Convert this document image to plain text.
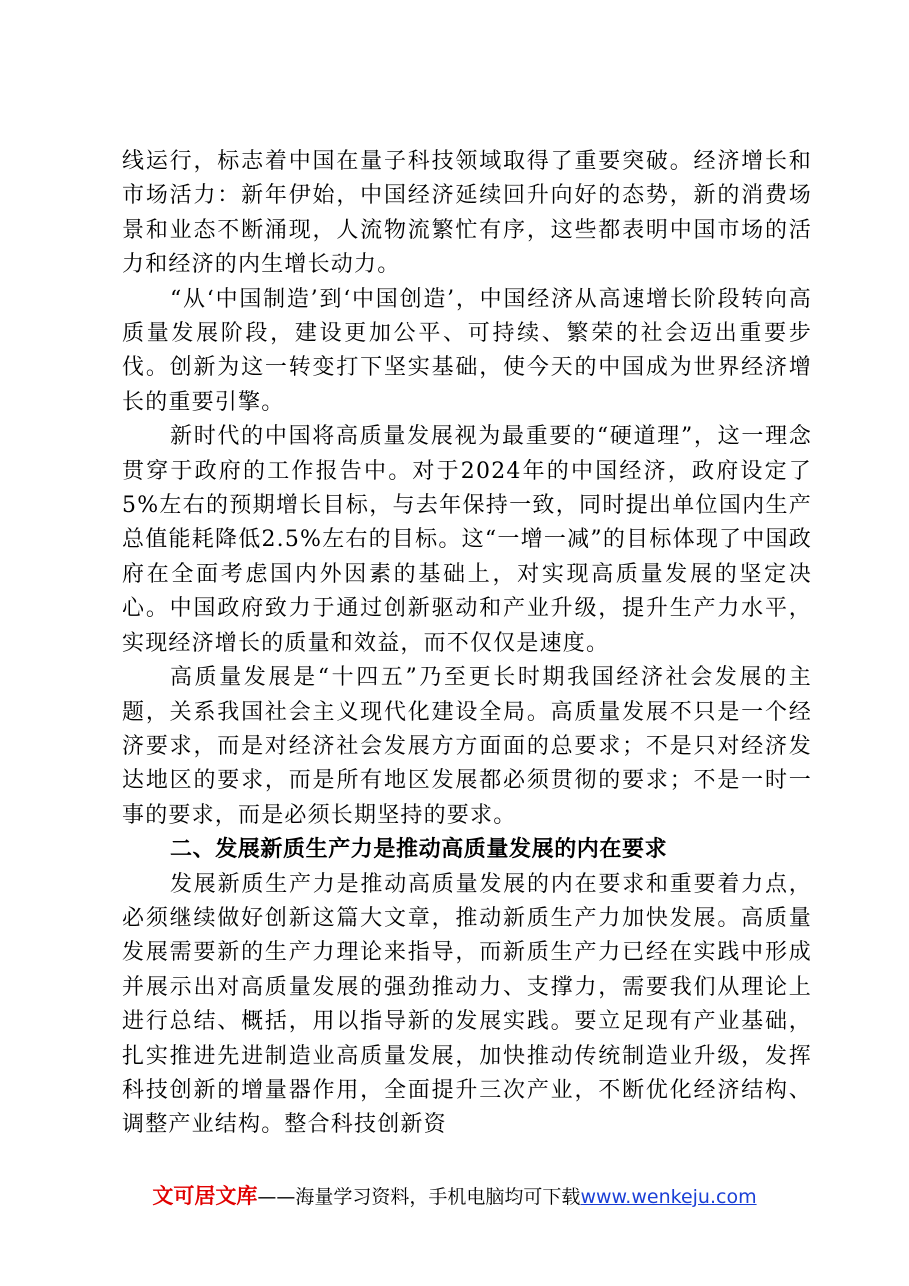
线运行，标志着中国在量子科技领域取得了重要突破。经济增长和市场活力：新年伊始，中国经济延续回升向好的态势，新的消费场景和业态不断涌现，人流物流繁忙有序，这些都表明中国市场的活力和经济的内生增长动力。

“从‘中国制造’到‘中国创造’，中国经济从高速增长阶段转向高质量发展阶段，建设更加公平、可持续、繁荣的社会迈出重要步伐。创新为这一转变打下坚实基础，使今天的中国成为世界经济增长的重要引擎。

新时代的中国将高质量发展视为最重要的“硬道理”，这一理念贯穿于政府的工作报告中。对于2024年的中国经济，政府设定了5%左右的预期增长目标，与去年保持一致，同时提出单位国内生产总值能耗降低2.5%左右的目标。这“一增一减”的目标体现了中国政府在全面考虑国内外因素的基础上，对实现高质量发展的坚定决心。中国政府致力于通过创新驱动和产业升级，提升生产力水平，实现经济增长的质量和效益，而不仅仅是速度。

高质量发展是“十四五”乃至更长时期我国经济社会发展的主题，关系我国社会主义现代化建设全局。高质量发展不只是一个经济要求，而是对经济社会发展方方面面的总要求；不是只对经济发达地区的要求，而是所有地区发展都必须贯彻的要求；不是一时一事的要求，而是必须长期坚持的要求。

二、发展新质生产力是推动高质量发展的内在要求

发展新质生产力是推动高质量发展的内在要求和重要着力点，必须继续做好创新这篇大文章，推动新质生产力加快发展。高质量发展需要新的生产力理论来指导，而新质生产力已经在实践中形成并展示出对高质量发展的强劲推动力、支撑力，需要我们从理论上进行总结、概括，用以指导新的发展实践。要立足现有产业基础，扎实推进先进制造业高质量发展，加快推动传统制造业升级，发挥科技创新的增量器作用，全面提升三次产业，不断优化经济结构、调整产业结构。整合科技创新资

文可居文库——海量学习资料，手机电脑均可下载www.wenkeju.com
